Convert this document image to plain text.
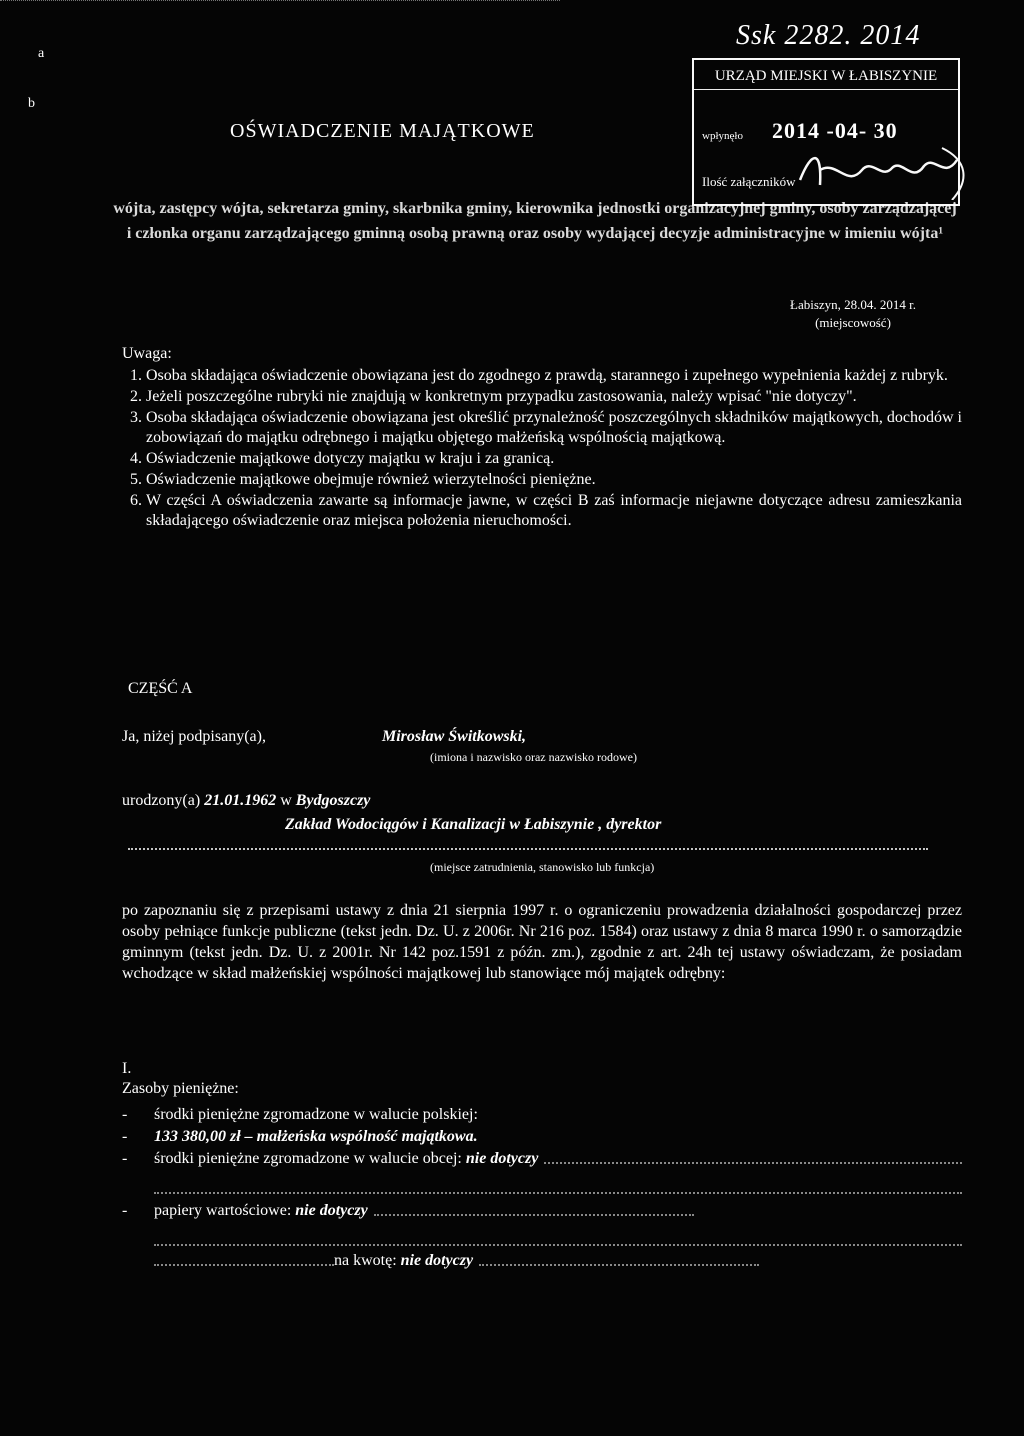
a
b
Ssk 2282. 2014
URZĄD MIEJSKI W ŁABISZYNIE
wpłynęło 2014 -04- 30
Ilość załączników
OŚWIADCZENIE MAJĄTKOWE
wójta, zastępcy wójta, sekretarza gminy, skarbnika gminy, kierownika jednostki organizacyjnej gminy, osoby zarządzającej i członka organu zarządzającego gminną osobą prawną oraz osoby wydającej decyzje administracyjne w imieniu wójta¹
Łabiszyn, 28.04. 2014 r.
(miejscowość)
Uwaga:
1. Osoba składająca oświadczenie obowiązana jest do zgodnego z prawdą, starannego i zupełnego wypełnienia każdej z rubryk.
2. Jeżeli poszczególne rubryki nie znajdują w konkretnym przypadku zastosowania, należy wpisać "nie dotyczy".
3. Osoba składająca oświadczenie obowiązana jest określić przynależność poszczególnych składników majątkowych, dochodów i zobowiązań do majątku odrębnego i majątku objętego małżeńską wspólnością majątkową.
4. Oświadczenie majątkowe dotyczy majątku w kraju i za granicą.
5. Oświadczenie majątkowe obejmuje również wierzytelności pieniężne.
6. W części A oświadczenia zawarte są informacje jawne, w części B zaś informacje niejawne dotyczące adresu zamieszkania składającego oświadczenie oraz miejsca położenia nieruchomości.
CZĘŚĆ A
Ja, niżej podpisany(a),	Mirosław Świtkowski,
(imiona i nazwisko oraz nazwisko rodowe)
urodzony(a) 21.01.1962 w Bydgoszczy
Zakład Wodociągów i Kanalizacji w Łabiszynie , dyrektor
(miejsce zatrudnienia, stanowisko lub funkcja)
po zapoznaniu się z przepisami ustawy z dnia 21 sierpnia 1997 r. o ograniczeniu prowadzenia działalności gospodarczej przez osoby pełniące funkcje publiczne (tekst jedn. Dz. U. z 2006r. Nr 216 poz. 1584) oraz ustawy z dnia 8 marca 1990 r. o samorządzie gminnym (tekst jedn. Dz. U. z 2001r. Nr 142 poz.1591 z późn. zm.), zgodnie z art. 24h tej ustawy oświadczam, że posiadam wchodzące w skład małżeńskiej wspólności majątkowej lub stanowiące mój majątek odrębny:
I.
Zasoby pieniężne:
-	środki pieniężne zgromadzone w walucie polskiej:
-	133 380,00 zł – małżeńska wspólność majątkowa.
-	środki pieniężne zgromadzone w walucie obcej:
nie dotyczy
-	papiery wartościowe:
nie dotyczy
na kwotę:
nie dotyczy
